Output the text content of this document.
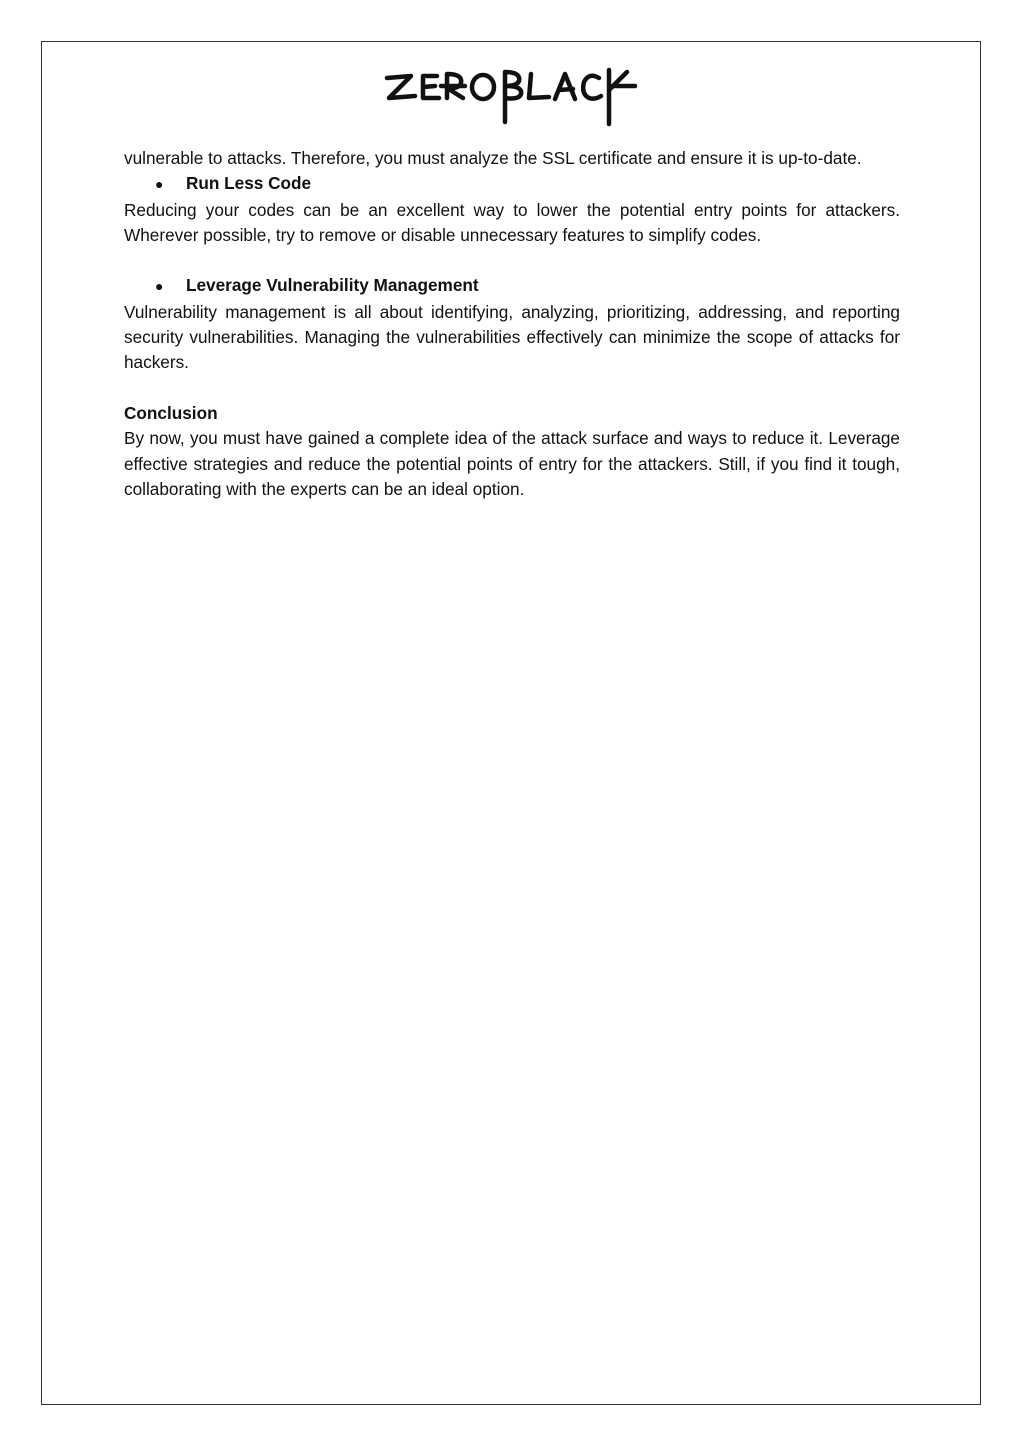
vulnerable to attacks. Therefore, you must analyze the SSL certificate and ensure it is up-to-date.

●	Run Less Code

Reducing your codes can be an excellent way to lower the potential entry points for attackers. Wherever possible, try to remove or disable unnecessary features to simplify codes.

●	Leverage Vulnerability Management

Vulnerability management is all about identifying, analyzing, prioritizing, addressing, and reporting security vulnerabilities. Managing the vulnerabilities effectively can minimize the scope of attacks for hackers.

Conclusion

By now, you must have gained a complete idea of the attack surface and ways to reduce it. Leverage effective strategies and reduce the potential points of entry for the attackers. Still, if you find it tough, collaborating with the experts can be an ideal option.
